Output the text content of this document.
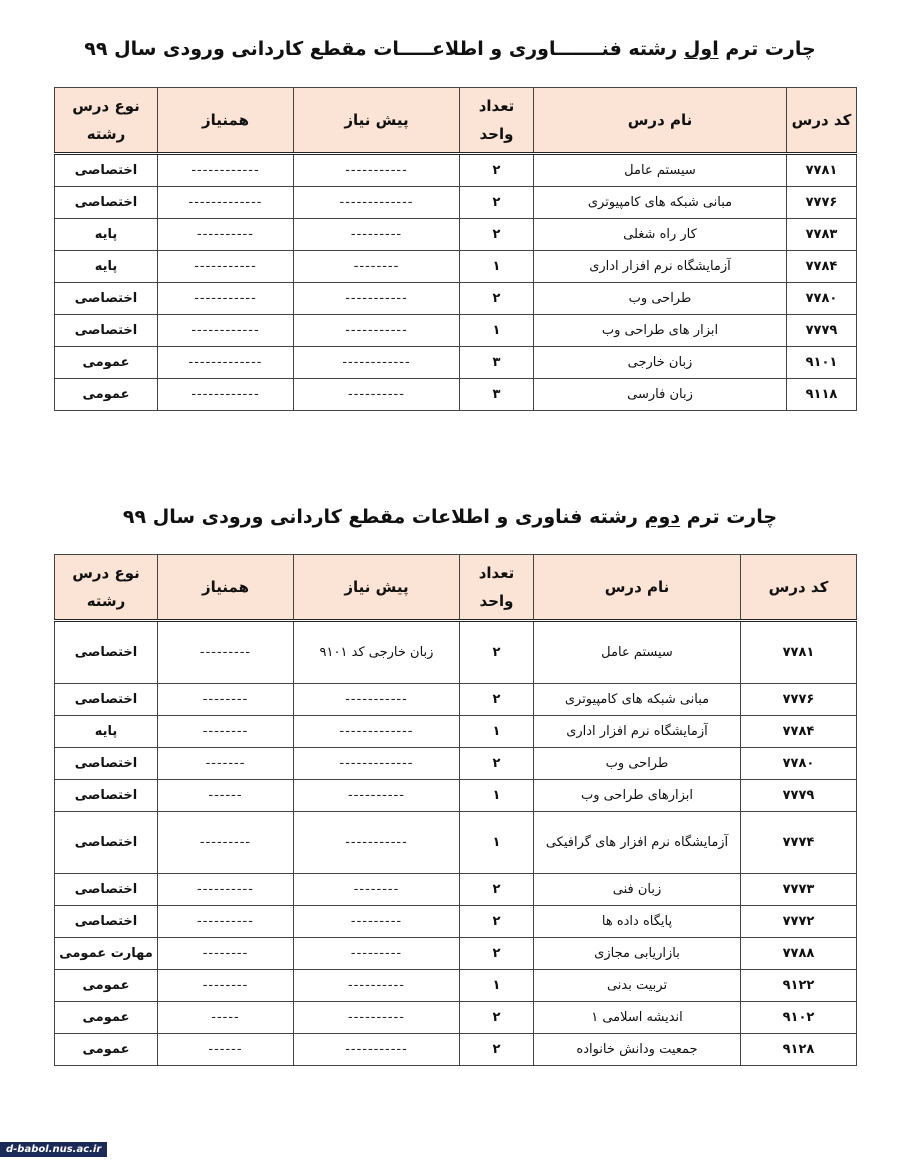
چارت ترم اول رشته فنـــــــاوری و اطلاعـــــات مقطع کاردانی ورودی سال ۹۹
کد درس	نام درس	تعداد واحد	پیش نیاز	همنیاز	نوع درس رشته
۷۷۸۱	سیستم عامل	۲	-----------	------------	اختصاصی
۷۷۷۶	مبانی شبکه های کامپیوتری	۲	-------------	-------------	اختصاصی
۷۷۸۳	کار راه شغلی	۲	---------	----------	پایه
۷۷۸۴	آزمایشگاه نرم افزار اداری	۱	--------	-----------	پایه
۷۷۸۰	طراحی وب	۲	-----------	-----------	اختصاصی
۷۷۷۹	ابزار های طراحی وب	۱	-----------	------------	اختصاصی
۹۱۰۱	زبان خارجی	۳	------------	-------------	عمومی
۹۱۱۸	زبان فارسی	۳	----------	------------	عمومی
چارت ترم دوم رشته فناوری و اطلاعات مقطع کاردانی ورودی سال ۹۹
کد درس	نام درس	تعداد واحد	پیش نیاز	همنیاز	نوع درس رشته
۷۷۸۱	سیستم عامل	۲	زبان خارجی کد ۹۱۰۱	---------	اختصاصی
۷۷۷۶	مبانی شبکه های کامپیوتری	۲	-----------	--------	اختصاصی
۷۷۸۴	آزمایشگاه نرم افزار اداری	۱	-------------	--------	پایه
۷۷۸۰	طراحی وب	۲	-------------	-------	اختصاصی
۷۷۷۹	ابزارهای طراحی وب	۱	----------	------	اختصاصی
۷۷۷۴	آزمایشگاه نرم افزار های گرافیکی	۱	-----------	---------	اختصاصی
۷۷۷۳	زبان فنی	۲	--------	----------	اختصاصی
۷۷۷۲	پایگاه داده ها	۲	---------	----------	اختصاصی
۷۷۸۸	بازاریابی مجازی	۲	---------	--------	مهارت عمومی
۹۱۲۲	تربیت بدنی	۱	----------	--------	عمومی
۹۱۰۲	اندیشه اسلامی ۱	۲	----------	-----	عمومی
۹۱۲۸	جمعیت ودانش خانواده	۲	-----------	------	عمومی
d-babol.nus.ac.ir
